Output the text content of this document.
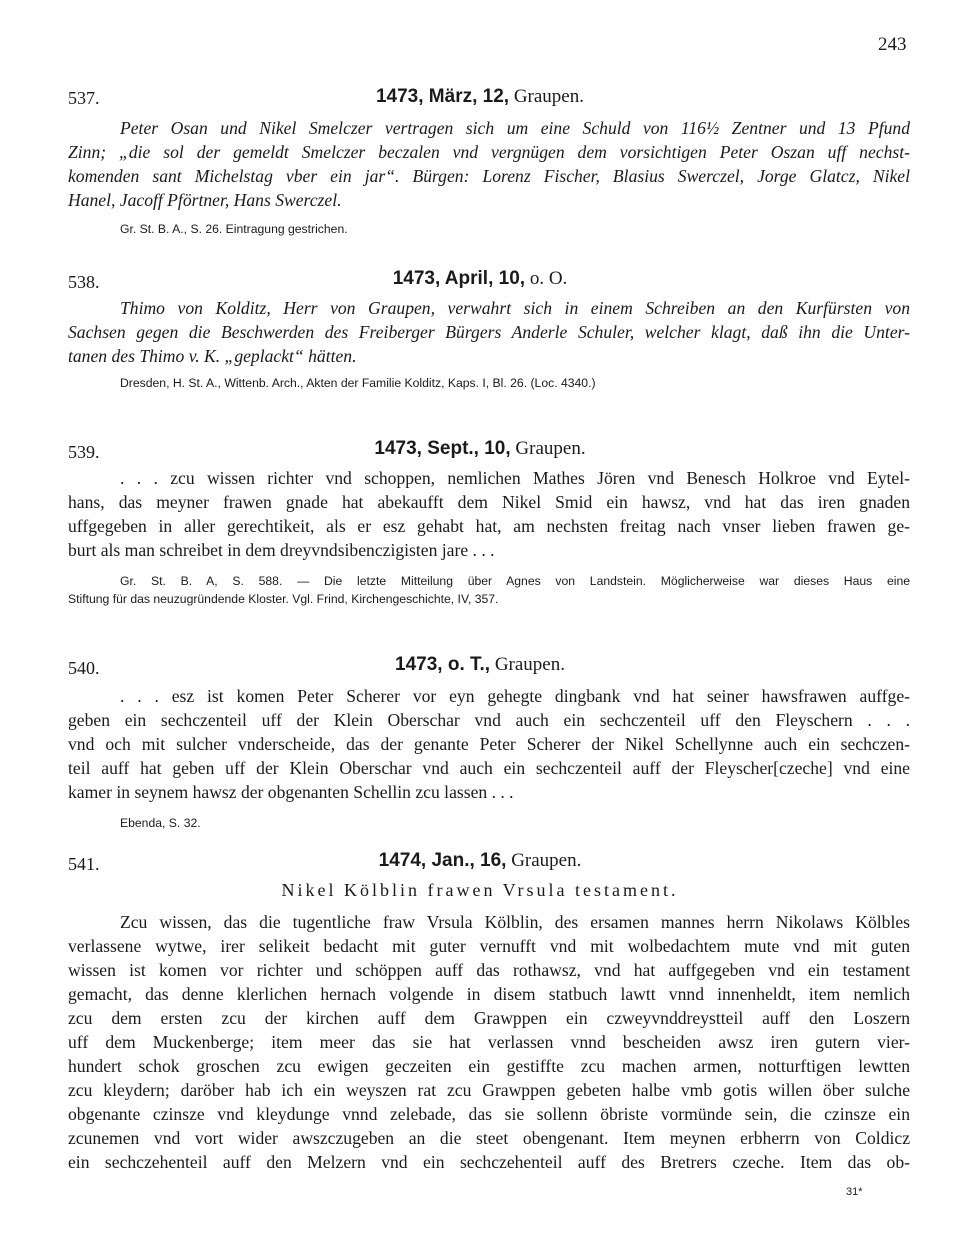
243
537.	1473, März, 12, Graupen.
Peter Osan und Nikel Smelczer vertragen sich um eine Schuld von 116½ Zentner und 13 Pfund
Zinn; „die sol der gemeldt Smelczer beczalen vnd vergnügen dem vorsichtigen Peter Oszan uff nechst-
komenden sant Michelstag vber ein jar“. Bürgen: Lorenz Fischer, Blasius Swerczel, Jorge Glatcz, Nikel
Hanel, Jacoff Pförtner, Hans Swerczel.
Gr. St. B. A., S. 26. Eintragung gestrichen.
538.	1473, April, 10, o. O.
Thimo von Kolditz, Herr von Graupen, verwahrt sich in einem Schreiben an den Kurfürsten von
Sachsen gegen die Beschwerden des Freiberger Bürgers Anderle Schuler, welcher klagt, daß ihn die Unter-
tanen des Thimo v. K. „geplackt“ hätten.
Dresden, H. St. A., Wittenb. Arch., Akten der Familie Kolditz, Kaps. I, Bl. 26. (Loc. 4340.)
539.	1473, Sept., 10, Graupen.
. . . zcu wissen richter vnd schoppen, nemlichen Mathes Jören vnd Benesch Holkroe vnd Eytel-
hans, das meyner frawen gnade hat abekaufft dem Nikel Smid ein hawsz, vnd hat das iren gnaden
uffgegeben in aller gerechtikeit, als er esz gehabt hat, am nechsten freitag nach vnser lieben frawen ge-
burt als man schreibet in dem dreyvndsibenczigisten jare . . .
Gr. St. B. A, S. 588. — Die letzte Mitteilung über Agnes von Landstein. Möglicherweise war dieses Haus eine
Stiftung für das neuzugründende Kloster. Vgl. Frind, Kirchengeschichte, IV, 357.
540.	1473, o. T., Graupen.
. . . esz ist komen Peter Scherer vor eyn gehegte dingbank vnd hat seiner hawsfrawen auffge-
geben ein sechczenteil uff der Klein Oberschar vnd auch ein sechczenteil uff den Fleyschern . . .
vnd och mit sulcher vnderscheide, das der genante Peter Scherer der Nikel Schellynne auch ein sechczen-
teil auff hat geben uff der Klein Oberschar vnd auch ein sechczenteil auff der Fleyscher[czeche] vnd eine
kamer in seynem hawsz der obgenanten Schellin zcu lassen . . .
Ebenda, S. 32.
541.	1474, Jan., 16, Graupen.
Nikel Kölblin frawen Vrsula testament.
Zcu wissen, das die tugentliche fraw Vrsula Kölblin, des ersamen mannes herrn Nikolaws Kölbles
verlassene wytwe, irer selikeit bedacht mit guter vernufft vnd mit wolbedachtem mute vnd mit guten
wissen ist komen vor richter und schöppen auff das rothawsz, vnd hat auffgegeben vnd ein testament
gemacht, das denne klerlichen hernach volgende in disem statbuch lawtt vnnd innenheldt, item nemlich
zcu dem ersten zcu der kirchen auff dem Grawppen ein czweyvnddreystteil auff den Loszern
uff dem Muckenberge; item meer das sie hat verlassen vnnd bescheiden awsz iren gutern vier-
hundert schok groschen zcu ewigen geczeiten ein gestiffte zcu machen armen, notturftigen lewtten
zcu kleydern; daröber hab ich ein weyszen rat zcu Grawppen gebeten halbe vmb gotis willen öber sulche
obgenante czinsze vnd kleydunge vnnd zelebade, das sie sollenn öbriste vormünde sein, die czinsze ein
zcunemen vnd vort wider awszczugeben an die steet obengenant. Item meynen erbherrn von Coldicz
ein sechczehenteil auff den Melzern vnd ein sechczehenteil auff des Bretrers czeche. Item das ob-
31*
